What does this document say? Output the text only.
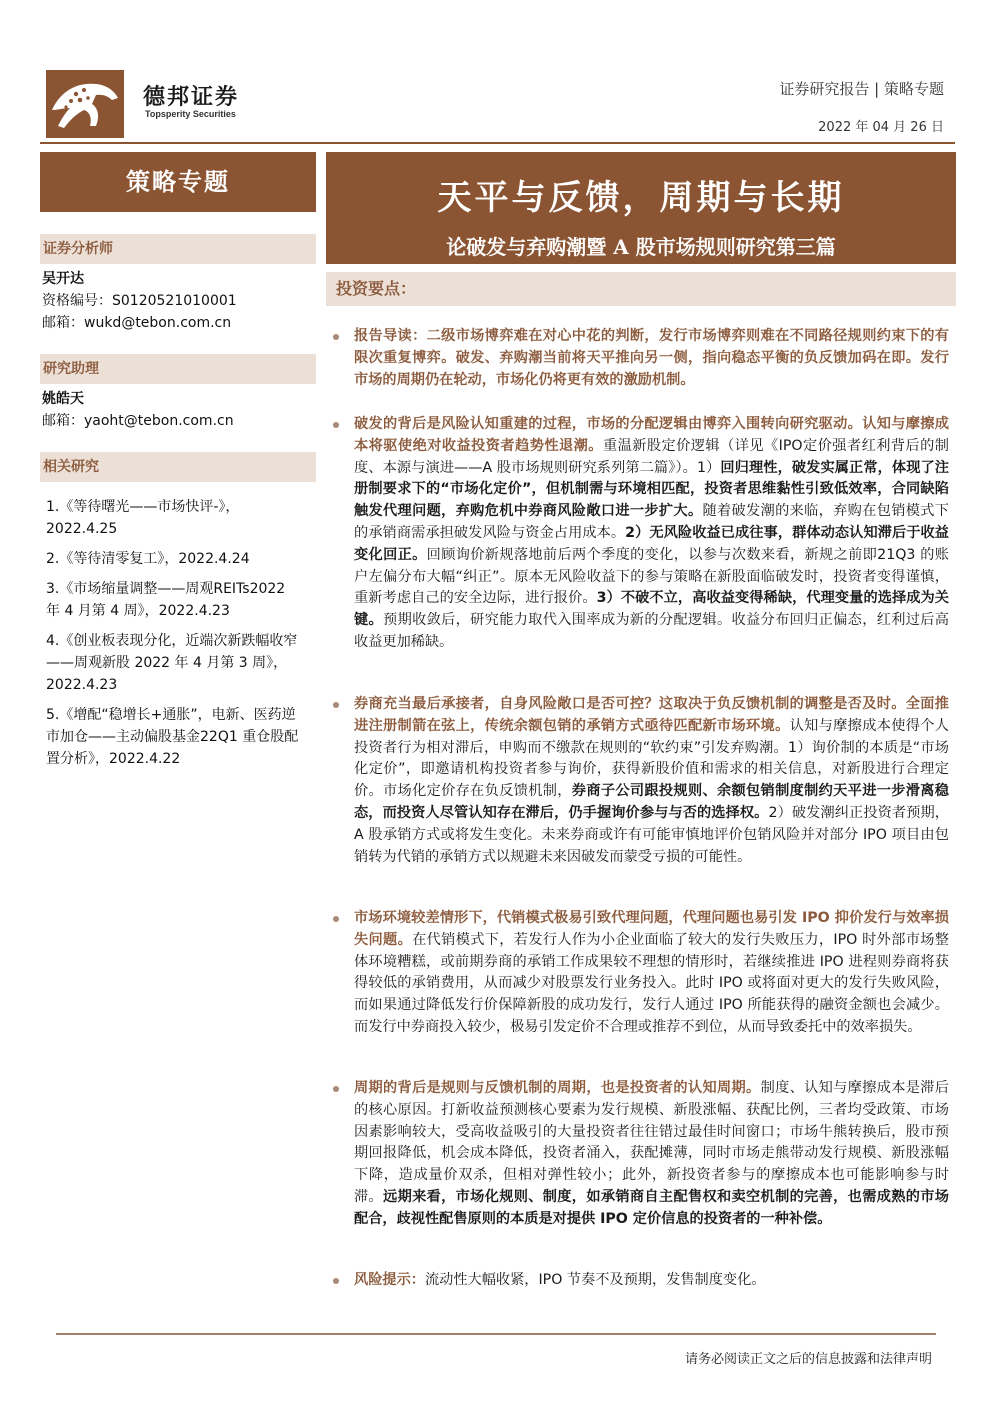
德邦证券
Topsperity Securities
证券研究报告 | 策略专题
2022 年 04 月 26 日
策略专题
证券分析师
吴开达
资格编号：S0120521010001
邮箱：wukd@tebon.com.cn
研究助理
姚皓天
邮箱：yaoht@tebon.com.cn
相关研究
1.《等待曙光——市场快评-》，2022.4.25
2.《等待清零复工》，2022.4.24
3.《市场缩量调整——周观REITs2022 年 4 月第 4 周》，2022.4.23
4.《创业板表现分化，近端次新跌幅收窄——周观新股 2022 年 4 月第 3 周》，2022.4.23
5.《增配“稳增长+通胀”，电新、医药逆市加仓——主动偏股基金22Q1 重仓股配置分析》，2022.4.22
天平与反馈，周期与长期
论破发与弃购潮暨 A 股市场规则研究第三篇
投资要点：
报告导读：二级市场博弈难在对心中花的判断，发行市场博弈则难在不同路径规则约束下的有限次重复博弈。破发、弃购潮当前将天平推向另一侧，指向稳态平衡的负反馈加码在即。发行市场的周期仍在轮动，市场化仍将更有效的激励机制。
破发的背后是风险认知重建的过程，市场的分配逻辑由博弈入围转向研究驱动。认知与摩擦成本将驱使绝对收益投资者趋势性退潮。重温新股定价逻辑（详见《IPO定价强者红利背后的制度、本源与演进——A 股市场规则研究系列第二篇》）。1）回归理性，破发实属正常，体现了注册制要求下的“市场化定价”，但机制需与环境相匹配，投资者思维黏性引致低效率，合同缺陷触发代理问题，弃购危机中券商风险敞口进一步扩大。随着破发潮的来临，弃购在包销模式下的承销商需承担破发风险与资金占用成本。2）无风险收益已成往事，群体动态认知滞后于收益变化回正。回顾询价新规落地前后两个季度的变化，以参与次数来看，新规之前即21Q3 的账户左偏分布大幅“纠正”。原本无风险收益下的参与策略在新股面临破发时，投资者变得谨慎，重新考虑自己的安全边际，进行报价。3）不破不立，高收益变得稀缺，代理变量的选择成为关键。预期收敛后，研究能力取代入围率成为新的分配逻辑。收益分布回归正偏态，红利过后高收益更加稀缺。
券商充当最后承接者，自身风险敞口是否可控？这取决于负反馈机制的调整是否及时。全面推进注册制箭在弦上，传统余额包销的承销方式亟待匹配新市场环境。认知与摩擦成本使得个人投资者行为相对滞后，申购而不缴款在规则的“软约束”引发弃购潮。1）询价制的本质是“市场化定价”，即邀请机构投资者参与询价，获得新股价值和需求的相关信息，对新股进行合理定价。市场化定价存在负反馈机制，券商子公司跟投规则、余额包销制度制约天平进一步滑离稳态，而投资人尽管认知存在滞后，仍手握询价参与与否的选择权。2）破发潮纠正投资者预期，A 股承销方式或将发生变化。未来券商或许有可能审慎地评价包销风险并对部分 IPO 项目由包销转为代销的承销方式以规避未来因破发而蒙受亏损的可能性。
市场环境较差情形下，代销模式极易引致代理问题，代理问题也易引发 IPO 抑价发行与效率损失问题。在代销模式下，若发行人作为小企业面临了较大的发行失败压力，IPO 时外部市场整体环境糟糕，或前期券商的承销工作成果较不理想的情形时，若继续推进 IPO 进程则券商将获得较低的承销费用，从而减少对股票发行业务投入。此时 IPO 或将面对更大的发行失败风险，而如果通过降低发行价保障新股的成功发行，发行人通过 IPO 所能获得的融资金额也会减少。而发行中券商投入较少，极易引发定价不合理或推荐不到位，从而导致委托中的效率损失。
周期的背后是规则与反馈机制的周期，也是投资者的认知周期。制度、认知与摩擦成本是滞后的核心原因。打新收益预测核心要素为发行规模、新股涨幅、获配比例，三者均受政策、市场因素影响较大，受高收益吸引的大量投资者往往错过最佳时间窗口；市场牛熊转换后，股市预期回报降低，机会成本降低，投资者涌入，获配摊薄，同时市场走熊带动发行规模、新股涨幅下降，造成量价双杀，但相对弹性较小；此外，新投资者参与的摩擦成本也可能影响参与时滞。远期来看，市场化规则、制度，如承销商自主配售权和卖空机制的完善，也需成熟的市场配合，歧视性配售原则的本质是对提供 IPO 定价信息的投资者的一种补偿。
风险提示：流动性大幅收紧，IPO 节奏不及预期，发售制度变化。
请务必阅读正文之后的信息披露和法律声明
